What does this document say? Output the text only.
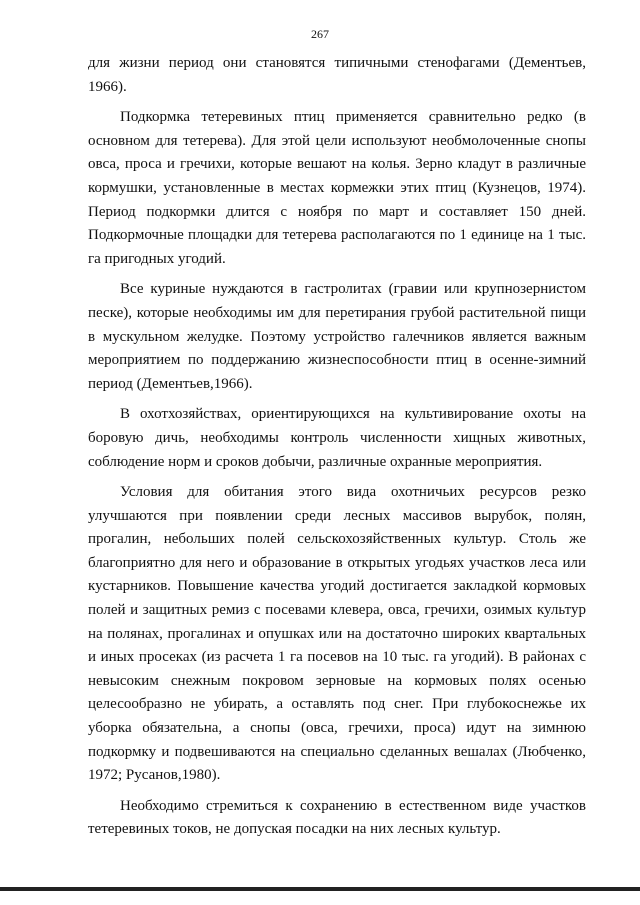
267

для жизни период они становятся типичными стенофагами (Дементьев, 1966).

Подкормка тетеревиных птиц применяется сравнительно редко (в основном для тетерева). Для этой цели используют необмолоченные снопы овса, проса и гречихи, которые вешают на колья. Зерно кладут в различные кормушки, установленные в местах кормежки этих птиц (Кузнецов, 1974). Период подкормки длится с ноября по март и составляет 150 дней. Подкормочные площадки для тетерева располагаются по 1 единице на 1 тыс. га пригодных угодий.

Все куриные нуждаются в гастролитах (гравии или крупнозернистом песке), которые необходимы им для перетирания грубой растительной пищи в мускульном желудке. Поэтому устройство галечников является важным мероприятием по поддержанию жизнеспособности птиц в осенне-зимний период (Дементьев,1966).

В охотхозяйствах, ориентирующихся на культивирование охоты на боровую дичь, необходимы контроль численности хищных животных, соблюдение норм и сроков добычи, различные охранные мероприятия.

Условия для обитания этого вида охотничьих ресурсов резко улучшаются при появлении среди лесных массивов вырубок, полян, прогалин, небольших полей сельскохозяйственных культур. Столь же благоприятно для него и образование в открытых угодьях участков леса или кустарников. Повышение качества угодий достигается закладкой кормовых полей и защитных ремиз с посевами клевера, овса, гречихи, озимых культур на полянах, прогалинах и опушках или на достаточно широких квартальных и иных просеках (из расчета 1 га посевов на 10 тыс. га угодий). В районах с невысоким снежным покровом зерновые на кормовых полях осенью целесообразно не убирать, а оставлять под снег. При глубокоснежье их уборка обязательна, а снопы (овса, гречихи, проса) идут на зимнюю подкормку и подвешиваются на специально сделанных вешалах (Любченко, 1972; Русанов,1980).

Необходимо стремиться к сохранению в естественном виде участков тетеревиных токов, не допуская посадки на них лесных культур.
